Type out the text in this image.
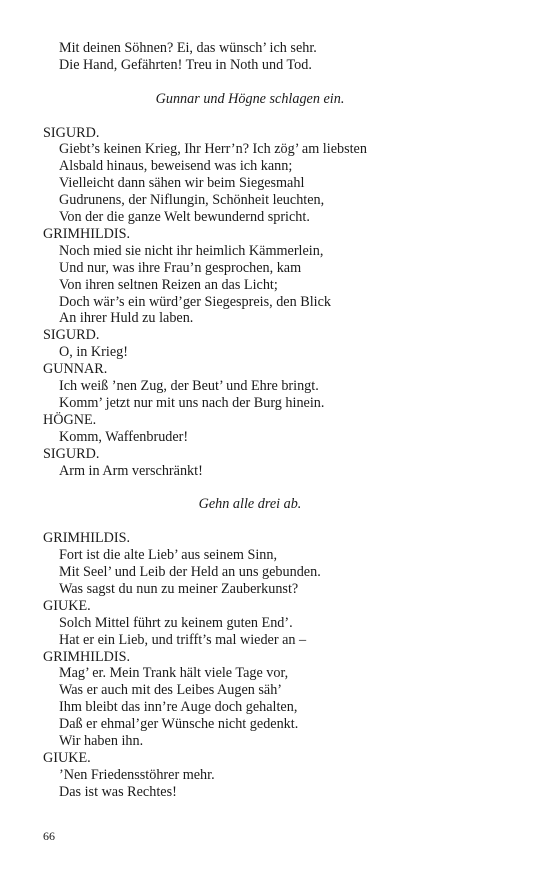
Mit deinen Söhnen? Ei, das wünsch’ ich sehr.
Die Hand, Gefährten! Treu in Noth und Tod.
Gunnar und Högne schlagen ein.
SIGURD.
Giebt’s keinen Krieg, Ihr Herr’n? Ich zög’ am liebsten
Alsbald hinaus, beweisend was ich kann;
Vielleicht dann sähen wir beim Siegesmahl
Gudrunens, der Niflungin, Schönheit leuchten,
Von der die ganze Welt bewundernd spricht.
GRIMHILDIS.
Noch mied sie nicht ihr heimlich Kämmerlein,
Und nur, was ihre Frau’n gesprochen, kam
Von ihren seltnen Reizen an das Licht;
Doch wär’s ein würd’ger Siegespreis, den Blick
An ihrer Huld zu laben.
SIGURD.
O, in Krieg!
GUNNAR.
Ich weiß ’nen Zug, der Beut’ und Ehre bringt.
Komm’ jetzt nur mit uns nach der Burg hinein.
HÖGNE.
Komm, Waffenbruder!
SIGURD.
Arm in Arm verschränkt!
Gehn alle drei ab.
GRIMHILDIS.
Fort ist die alte Lieb’ aus seinem Sinn,
Mit Seel’ und Leib der Held an uns gebunden.
Was sagst du nun zu meiner Zauberkunst?
GIUKE.
Solch Mittel führt zu keinem guten End’.
Hat er ein Lieb, und trifft’s mal wieder an –
GRIMHILDIS.
Mag’ er. Mein Trank hält viele Tage vor,
Was er auch mit des Leibes Augen säh’
Ihm bleibt das inn’re Auge doch gehalten,
Daß er ehmal’ger Wünsche nicht gedenkt.
Wir haben ihn.
GIUKE.
’Nen Friedensstöhrer mehr.
Das ist was Rechtes!
66
